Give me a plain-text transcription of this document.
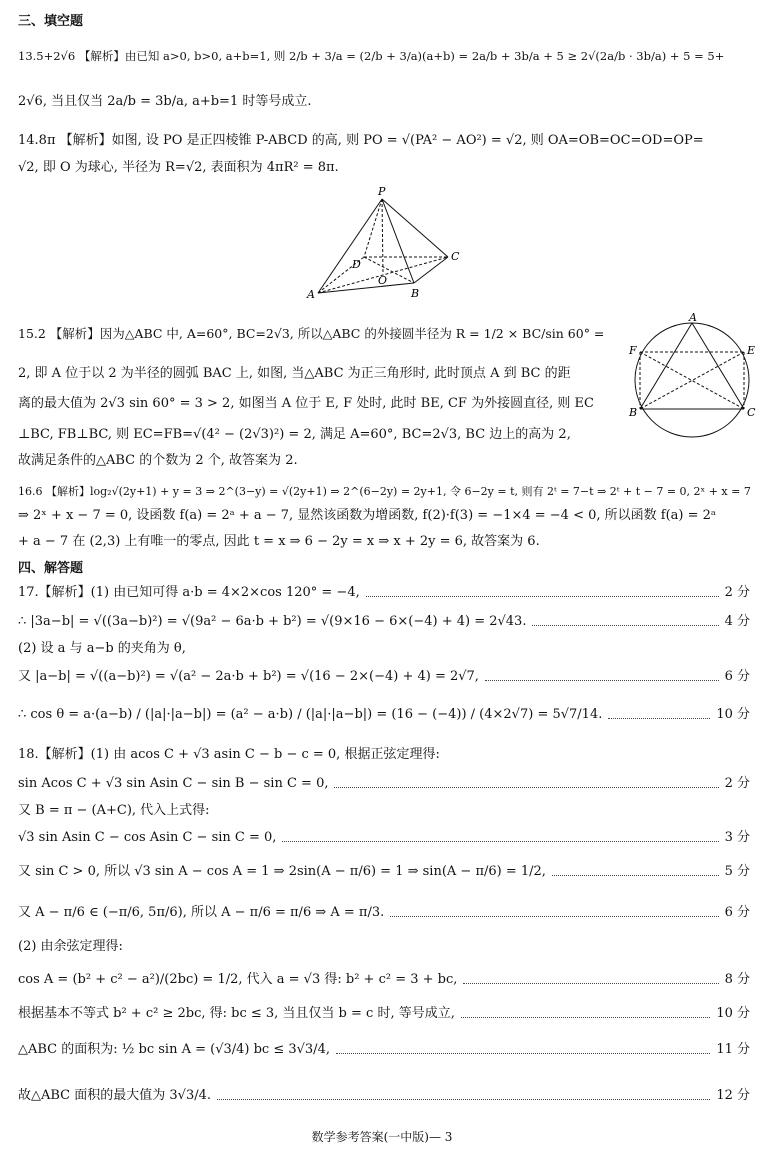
三、填空题
13.5+2√6 【解析】由已知 a>0, b>0, a+b=1, 则 2/b + 3/a = (2/b + 3/a)(a+b) = 2a/b + 3b/a + 5 ≥ 2√(2a/b · 3b/a) + 5 = 5+
2√6, 当且仅当 2a/b = 3b/a, a+b=1 时等号成立.
14.8π 【解析】如图, 设 PO 是正四棱锥 P-ABCD 的高, 则 PO = √(PA² − AO²) = √2, 则 OA=OB=OC=OD=OP=
√2, 即 O 为球心, 半径为 R=√2, 表面积为 4πR² = 8π.
P
D
O
C
A	B
15.2 【解析】因为△ABC 中, A=60°, BC=2√3, 所以△ABC 的外接圆半径为 R = 1/2 × BC/sin 60° =
2, 即 A 位于以 2 为半径的圆弧 BAC 上, 如图, 当△ABC 为正三角形时, 此时顶点 A 到 BC 的距
离的最大值为 2√3 sin 60° = 3 > 2, 如图当 A 位于 E, F 处时, 此时 BE, CF 为外接圆直径, 则 EC
⊥BC, FB⊥BC, 则 EC=FB=√(4² − (2√3)²) = 2, 满足 A=60°, BC=2√3, BC 边上的高为 2,
故满足条件的△ABC 的个数为 2 个, 故答案为 2.
A
F	E
B	C
16.6 【解析】log₂√(2y+1) + y = 3 ⇒ 2^(3−y) = √(2y+1) ⇒ 2^(6−2y) = 2y+1, 令 6−2y = t, 则有 2ᵗ = 7−t ⇒ 2ᵗ + t − 7 = 0, 2ˣ + x = 7
⇒ 2ˣ + x − 7 = 0, 设函数 f(a) = 2ᵃ + a − 7, 显然该函数为增函数, f(2)·f(3) = −1×4 = −4 < 0, 所以函数 f(a) = 2ᵃ
+ a − 7 在 (2,3) 上有唯一的零点, 因此 t = x ⇒ 6 − 2y = x ⇒ x + 2y = 6, 故答案为 6.
四、解答题
17.【解析】(1) 由已知可得 a·b = 4×2×cos 120° = −4,	2 分
∴ |3a−b| = √((3a−b)²) = √(9a² − 6a·b + b²) = √(9×16 − 6×(−4) + 4) = 2√43.	4 分
(2) 设 a 与 a−b 的夹角为 θ,
又 |a−b| = √((a−b)²) = √(a² − 2a·b + b²) = √(16 − 2×(−4) + 4) = 2√7,	6 分
∴ cos θ = a·(a−b) / (|a|·|a−b|) = (a² − a·b) / (|a|·|a−b|) = (16 − (−4)) / (4×2√7) = 5√7/14.	10 分
18.【解析】(1) 由 acos C + √3 asin C − b − c = 0, 根据正弦定理得:
sin Acos C + √3 sin Asin C − sin B − sin C = 0,	2 分
又 B = π − (A+C), 代入上式得:
√3 sin Asin C − cos Asin C − sin C = 0,	3 分
又 sin C > 0, 所以 √3 sin A − cos A = 1 ⇒ 2sin(A − π/6) = 1 ⇒ sin(A − π/6) = 1/2,	5 分
又 A − π/6 ∈ (−π/6, 5π/6), 所以 A − π/6 = π/6 ⇒ A = π/3.	6 分
(2) 由余弦定理得:
cos A = (b² + c² − a²)/(2bc) = 1/2, 代入 a = √3 得: b² + c² = 3 + bc,	8 分
根据基本不等式 b² + c² ≥ 2bc, 得: bc ≤ 3, 当且仅当 b = c 时, 等号成立,	10 分
△ABC 的面积为: ½ bc sin A = (√3/4) bc ≤ 3√3/4,	11 分
故△ABC 面积的最大值为 3√3/4.	12 分
数学参考答案(一中版)— 3
